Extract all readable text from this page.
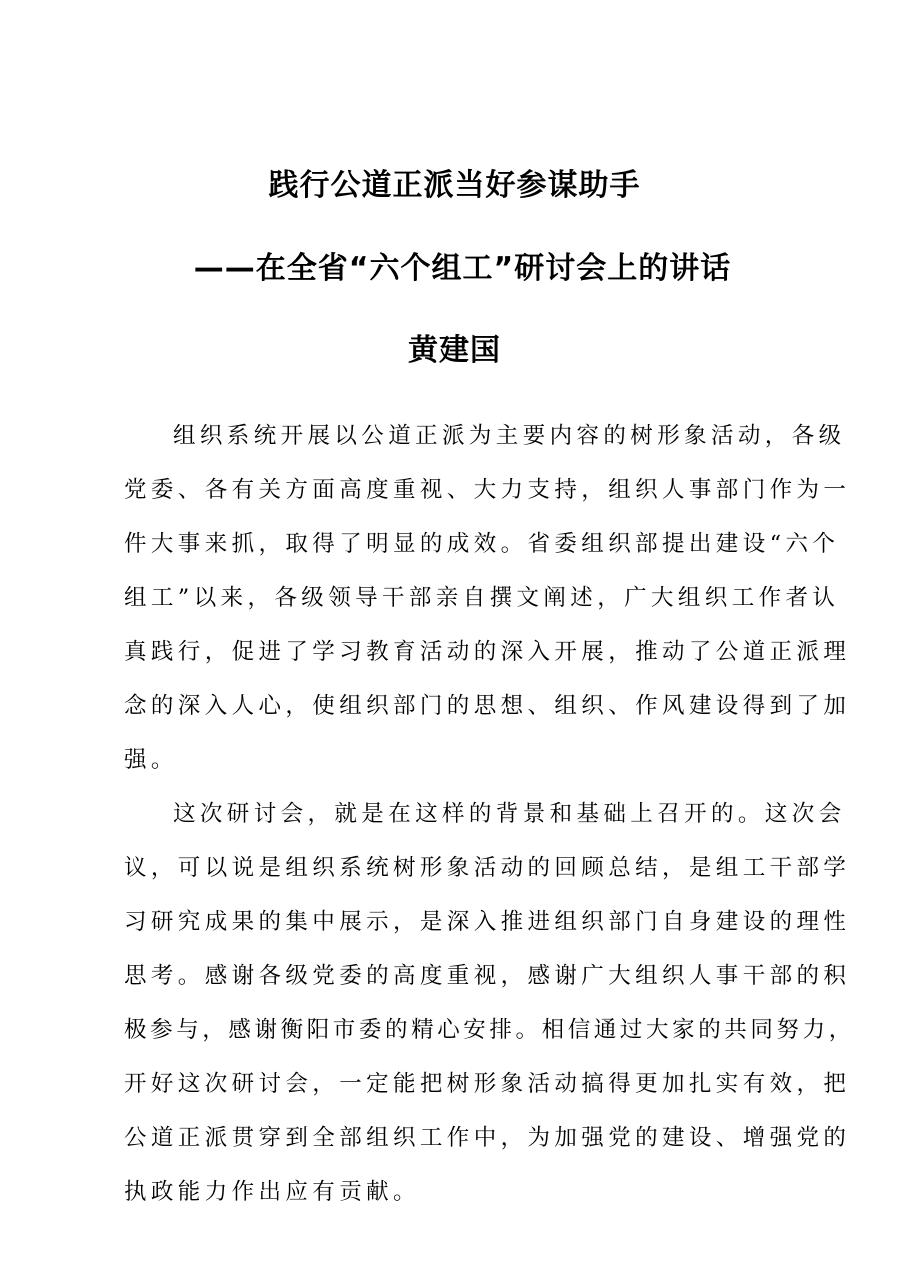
践行公道正派当好参谋助手
——在全省“六个组工”研讨会上的讲话
黄建国

组织系统开展以公道正派为主要内容的树形象活动，各级
党委、各有关方面高度重视、大力支持，组织人事部门作为一
件大事来抓，取得了明显的成效。省委组织部提出建设“六个
组工”以来，各级领导干部亲自撰文阐述，广大组织工作者认
真践行，促进了学习教育活动的深入开展，推动了公道正派理
念的深入人心，使组织部门的思想、组织、作风建设得到了加
强。

这次研讨会，就是在这样的背景和基础上召开的。这次会
议，可以说是组织系统树形象活动的回顾总结，是组工干部学
习研究成果的集中展示，是深入推进组织部门自身建设的理性
思考。感谢各级党委的高度重视，感谢广大组织人事干部的积
极参与，感谢衡阳市委的精心安排。相信通过大家的共同努力，
开好这次研讨会，一定能把树形象活动搞得更加扎实有效，把
公道正派贯穿到全部组织工作中，为加强党的建设、增强党的
执政能力作出应有贡献。
